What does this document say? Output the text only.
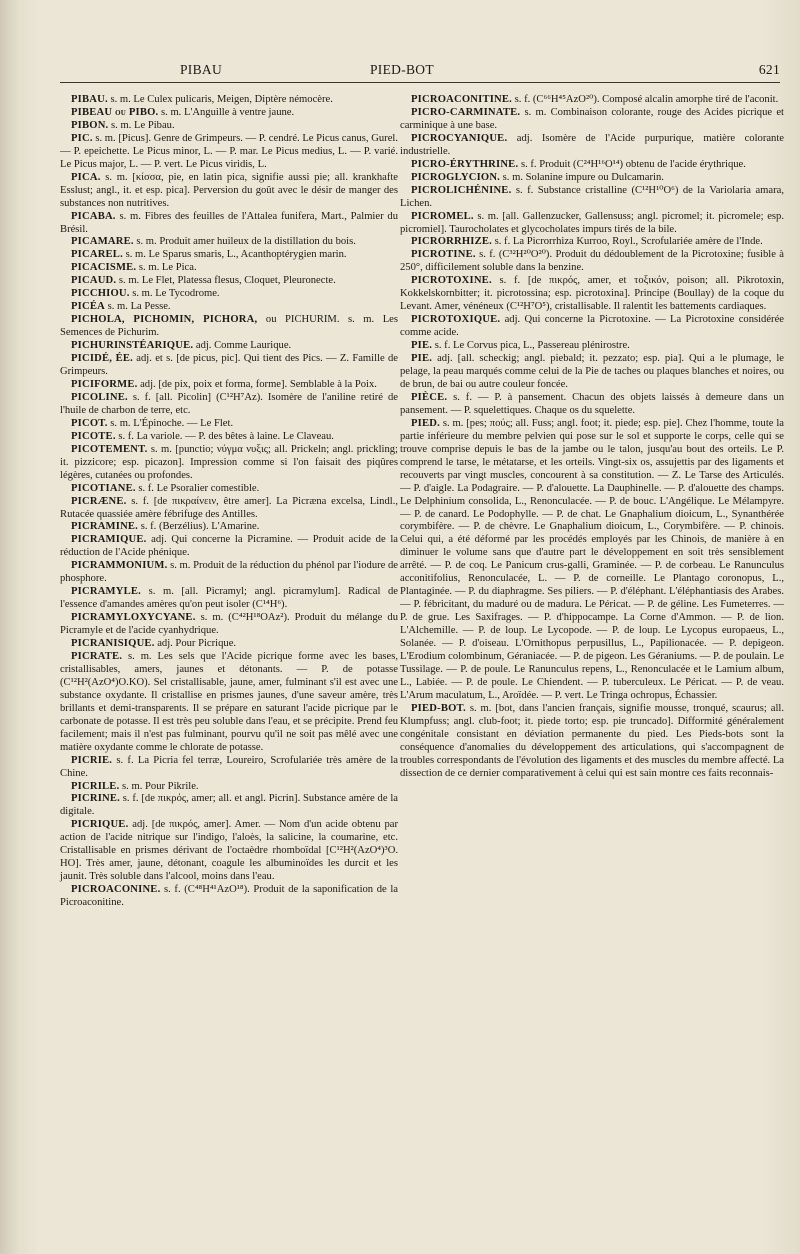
PIBAU	PIED-BOT	621
PIBAU. s. m. Le Culex pulicaris, Meigen, Diptère némocère.
PIBEAU ou PIBO. s. m. L'Anguille à ventre jaune.
PIBON. s. m. Le Pibau.
PIC. s. m. [Picus]. Genre de Grimpeurs. — P. cendré. Le Picus canus, Gurel. — P. epeichette. Le Picus minor, L. — P. mar. Le Picus medius, L. — P. varié. Le Picus major, L. — P. vert. Le Picus viridis, L.
PICA. s. m. [κίσσα, pie, en latin pica, signifie aussi pie; all. krankhafte Esslust; angl., it. et esp. pica]. Perversion du goût avec le désir de manger des substances non nutritives.
PICABA. s. m. Fibres des feuilles de l'Attalea funifera, Mart., Palmier du Brésil.
PICAMARE. s. m. Produit amer huileux de la distillation du bois.
PICAREL. s. m. Le Sparus smaris, L., Acanthoptérygien marin.
PICACISME. s. m. Le Pica.
PICAUD. s. m. Le Flet, Platessa flesus, Cloquet, Pleuronecte.
PICCHIOU. s. m. Le Tycodrome.
PICÉA s. m. La Pesse.
PICHOLA, PICHOMIN, PICHORA, ou PICHURIM. s. m. Les Semences de Pichurim.
PICHURINSTÉARIQUE. adj. Comme Laurique.
PICIDÉ, ÉE. adj. et s. [de picus, pic]. Qui tient des Pics. — Z. Famille de Grimpeurs.
PICIFORME. adj. [de pix, poix et forma, forme]. Semblable à la Poix.
PICOLINE. s. f. [all. Picolin] (C¹²H⁷Az). Isomère de l'aniline retiré de l'huile de charbon de terre, etc.
PICOT. s. m. L'Épinoche. — Le Flet.
PICOTE. s. f. La variole. — P. des bêtes à laine. Le Claveau.
PICOTEMENT. s. m. [punctio; νύγμα νυξις; all. Prickeln; angl. prickling; it. pizzicore; esp. picazon]. Impression comme si l'on faisait des piqûres légères, cutanées ou profondes.
PICOTIANE. s. f. Le Psoralier comestible.
PICRÆNE. s. f. [de πικραίνειν, être amer]. La Picræna excelsa, Lindl., Rutacée quassiée amère fébrifuge des Antilles.
PICRAMINE. s. f. (Berzélius). L'Amarine.
PICRAMIQUE. adj. Qui concerne la Picramine. — Produit acide de la réduction de l'Acide phénique.
PICRAMMONIUM. s. m. Produit de la réduction du phénol par l'iodure de phosphore.
PICRAMYLE. s. m. [all. Picramyl; angl. picramylum]. Radical de l'essence d'amandes amères qu'on peut isoler (C¹⁴H⁶).
PICRAMYLOXYCYANE. s. m. (C⁴²H¹⁸OAz²). Produit du mélange du Picramyle et de l'acide cyanhydrique.
PICRANISIQUE. adj. Pour Picrique.
PICRATE. s. m. Les sels que l'Acide picrique forme avec les bases, cristallisables, amers, jaunes et détonants. — P. de potasse (C¹²H²(AzO⁴)O.KO). Sel cristallisable, jaune, amer, fulminant s'il est avec une substance oxydante. Il cristallise en prismes jaunes, d'une saveur amère, très brillants et demi-transparents. Il se prépare en saturant l'acide picrique par le carbonate de potasse. Il est très peu soluble dans l'eau, et se précipite. Prend feu facilement; mais il n'est pas fulminant, pourvu qu'il ne soit pas mêlé avec une matière oxydante comme le chlorate de potasse.
PICRIE. s. f. La Picria fel terræ, Loureiro, Scrofulariée très amère de la Chine.
PICRILE. s. m. Pour Pikrile.
PICRINE. s. f. [de πικρός, amer; all. et angl. Picrin]. Substance amère de la digitale.
PICRIQUE. adj. [de πικρός, amer]. Amer. — Nom d'un acide obtenu par action de l'acide nitrique sur l'indigo, l'aloès, la salicine, la coumarine, etc. Cristallisable en prismes dérivant de l'octaèdre rhomboïdal [C¹²H²(AzO⁴)³O. HO]. Très amer, jaune, détonant, coagule les albuminoïdes les durcit et les jaunit. Très soluble dans l'alcool, moins dans l'eau.
PICROACONINE. s. f. (C⁴⁸H⁴¹AzO¹⁸). Produit de la saponification de la Picroaconitine.
PICROACONITINE. s. f. (C⁶⁶H⁴⁵AzO²⁰). Composé alcalin amorphe tiré de l'aconit.
PICRO-CARMINATE. s. m. Combinaison colorante, rouge des Acides picrique et carminique à une base.
PICROCYANIQUE. adj. Isomère de l'Acide purpurique, matière colorante industrielle.
PICRO-ÉRYTHRINE. s. f. Produit (C²⁴H¹⁶O¹⁴) obtenu de l'acide érythrique.
PICROGLYCION. s. m. Solanine impure ou Dulcamarin.
PICROLICHÉNINE. s. f. Substance cristalline (C¹²H¹⁰O⁶) de la Variolaria amara, Lichen.
PICROMEL. s. m. [all. Gallenzucker, Gallensuss; angl. picromel; it. picromele; esp. picromiel]. Taurocholates et glycocholates impurs tirés de la bile.
PICRORRHIZE. s. f. La Picrorrhiza Kurroo, Royl., Scrofulariée amère de l'Inde.
PICROTINE. s. f. (C³²H²⁰O²⁰). Produit du dédoublement de la Picrotoxine; fusible à 250°, difficilement soluble dans la benzine.
PICROTOXINE. s. f. [de πικρός, amer, et τοξικόν, poison; all. Pikrotoxin, Kokkelskornbitter; it. picrotossina; esp. picrotoxina]. Principe (Boullay) de la coque du Levant. Amer, vénéneux (C¹²H⁷O⁵), cristallisable. Il ralentit les battements cardiaques.
PICROTOXIQUE. adj. Qui concerne la Picrotoxine. — La Picrotoxine considérée comme acide.
PIE. s. f. Le Corvus pica, L., Passereau plénirostre.
PIE. adj. [all. scheckig; angl. piebald; it. pezzato; esp. pia]. Qui a le plumage, le pelage, la peau marqués comme celui de la Pie de taches ou plaques blanches et noires, ou de brun, de bai ou autre couleur foncée.
PIÈCE. s. f. — P. à pansement. Chacun des objets laissés à demeure dans un pansement. — P. squelettiques. Chaque os du squelette.
PIED. s. m. [pes; πούς; all. Fuss; angl. foot; it. piede; esp. pie]. Chez l'homme, toute la partie inférieure du membre pelvien qui pose sur le sol et supporte le corps, celle qui se trouve comprise depuis le bas de la jambe ou le talon, jusqu'au bout des orteils. Le P. comprend le tarse, le métatarse, et les orteils. Vingt-six os, assujettis par des ligaments et recouverts par vingt muscles, concourent à sa constitution. — Z. Le Tarse des Articulés. — P. d'aigle. La Podagraire. — P. d'alouette. La Dauphinelle. — P. d'alouette des champs. Le Delphinium consolida, L., Renonculacée. — P. de bouc. L'Angélique. Le Mélampyre. — P. de canard. Le Podophylle. — P. de chat. Le Gnaphalium dioicum, L., Synanthérée corymbifère. — P. de chèvre. Le Gnaphalium dioicum, L., Corymbifère. — P. chinois. Celui qui, a été déformé par les procédés employés par les Chinois, de manière à en diminuer le volume sans que d'autre part le développement en soit très sensiblement arrêté. — P. de coq. Le Panicum crus-galli, Graminée. — P. de corbeau. Le Ranunculus acconitifolius, Renonculacée, L. — P. de corneille. Le Plantago coronopus, L., Plantaginée. — P. du diaphragme. Ses piliers. — P. d'éléphant. L'éléphantiasis des Arabes. — P. fébricitant, du maduré ou de madura. Le Péricat. — P. de géline. Les Fumeterres. — P. de grue. Les Saxifrages. — P. d'hippocampe. La Corne d'Ammon. — P. de lion. L'Alchemille. — P. de loup. Le Lycopode. — P. de loup. Le Lycopus europaeus, L., Solanée. — P. d'oiseau. L'Ornithopus perpusillus, L., Papilionacée. — P. depigeon. L'Erodium colombinum, Géraniacée. — P. de pigeon. Les Géraniums. — P. de poulain. Le Tussilage. — P. de poule. Le Ranunculus repens, L., Renonculacée et le Lamium album, L., Labiée. — P. de poule. Le Chiendent. — P. tuberculeux. Le Péricat. — P. de veau. L'Arum maculatum, L., Aroïdée. — P. vert. Le Tringa ochropus, Échassier.
PIED-BOT. s. m. [bot, dans l'ancien français, signifie mousse, tronqué, scaurus; all. Klumpfuss; angl. club-foot; it. piede torto; esp. pie truncado]. Difformité généralement congénitale consistant en déviation permanente du pied. Les Pieds-bots sont la conséquence d'anomalies du développement des articulations, qui s'accompagnent de troubles correspondants de l'évolution des ligaments et des muscles du membre affecté. La dissection de ce dernier comparativement à celui qui est sain montre ces faits reconnais-
